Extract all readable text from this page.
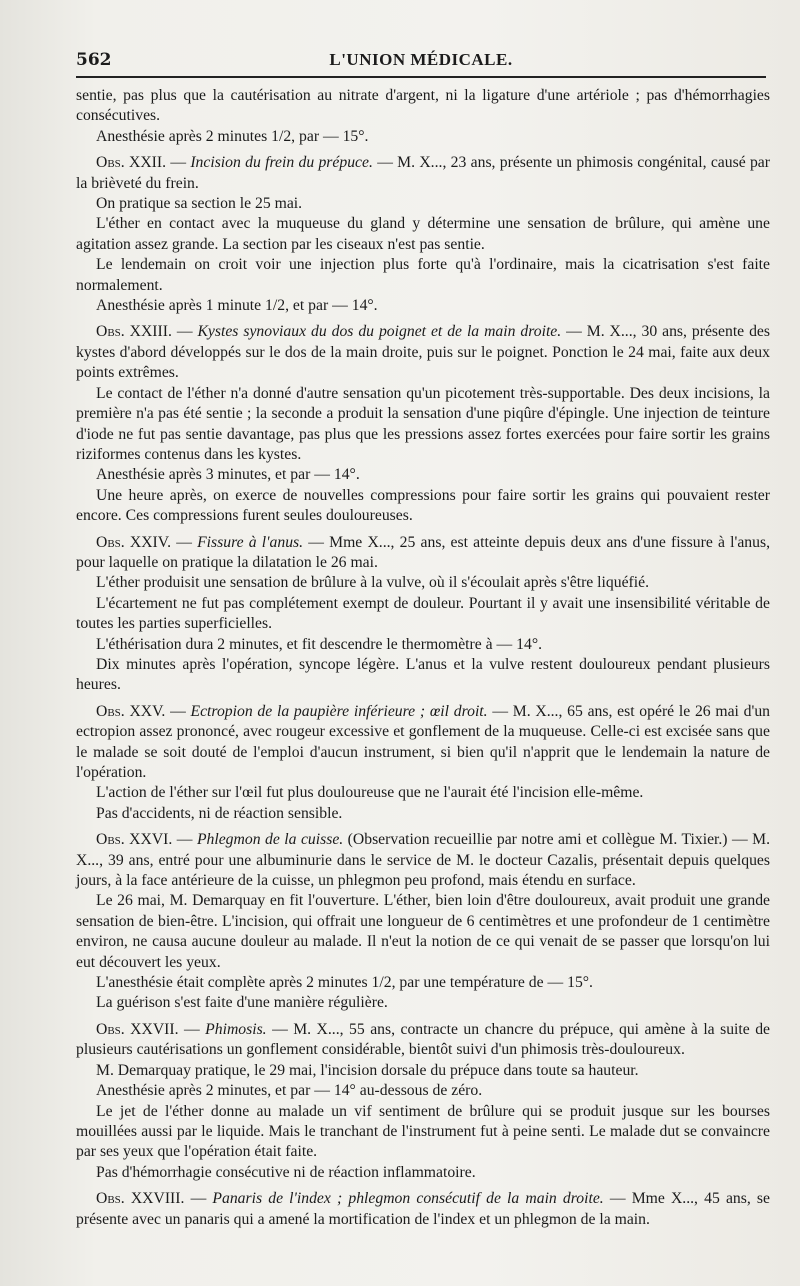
562	L'UNION MÉDICALE.

sentie, pas plus que la cautérisation au nitrate d'argent, ni la ligature d'une artériole ; pas d'hémorrhagies consécutives.

Anesthésie après 2 minutes 1/2, par — 15°.

Obs. XXII. — Incision du frein du prépuce. — M. X..., 23 ans, présente un phimosis congénital, causé par la brièveté du frein.

On pratique sa section le 25 mai.

L'éther en contact avec la muqueuse du gland y détermine une sensation de brûlure, qui amène une agitation assez grande. La section par les ciseaux n'est pas sentie.

Le lendemain on croit voir une injection plus forte qu'à l'ordinaire, mais la cicatrisation s'est faite normalement.

Anesthésie après 1 minute 1/2, et par — 14°.

Obs. XXIII. — Kystes synoviaux du dos du poignet et de la main droite. — M. X..., 30 ans, présente des kystes d'abord développés sur le dos de la main droite, puis sur le poignet. Ponction le 24 mai, faite aux deux points extrêmes.

Le contact de l'éther n'a donné d'autre sensation qu'un picotement très-supportable. Des deux incisions, la première n'a pas été sentie ; la seconde a produit la sensation d'une piqûre d'épingle. Une injection de teinture d'iode ne fut pas sentie davantage, pas plus que les pressions assez fortes exercées pour faire sortir les grains riziformes contenus dans les kystes.

Anesthésie après 3 minutes, et par — 14°.

Une heure après, on exerce de nouvelles compressions pour faire sortir les grains qui pouvaient rester encore. Ces compressions furent seules douloureuses.

Obs. XXIV. — Fissure à l'anus. — Mme X..., 25 ans, est atteinte depuis deux ans d'une fissure à l'anus, pour laquelle on pratique la dilatation le 26 mai.

L'éther produisit une sensation de brûlure à la vulve, où il s'écoulait après s'être liquéfié.

L'écartement ne fut pas complétement exempt de douleur. Pourtant il y avait une insensibilité véritable de toutes les parties superficielles.

L'éthérisation dura 2 minutes, et fit descendre le thermomètre à — 14°.

Dix minutes après l'opération, syncope légère. L'anus et la vulve restent douloureux pendant plusieurs heures.

Obs. XXV. — Ectropion de la paupière inférieure ; œil droit. — M. X..., 65 ans, est opéré le 26 mai d'un ectropion assez prononcé, avec rougeur excessive et gonflement de la muqueuse. Celle-ci est excisée sans que le malade se soit douté de l'emploi d'aucun instrument, si bien qu'il n'apprit que le lendemain la nature de l'opération.

L'action de l'éther sur l'œil fut plus douloureuse que ne l'aurait été l'incision elle-même.

Pas d'accidents, ni de réaction sensible.

Obs. XXVI. — Phlegmon de la cuisse. (Observation recueillie par notre ami et collègue M. Tixier.) — M. X..., 39 ans, entré pour une albuminurie dans le service de M. le docteur Cazalis, présentait depuis quelques jours, à la face antérieure de la cuisse, un phlegmon peu profond, mais étendu en surface.

Le 26 mai, M. Demarquay en fit l'ouverture. L'éther, bien loin d'être douloureux, avait produit une grande sensation de bien-être. L'incision, qui offrait une longueur de 6 centimètres et une profondeur de 1 centimètre environ, ne causa aucune douleur au malade. Il n'eut la notion de ce qui venait de se passer que lorsqu'on lui eut découvert les yeux.

L'anesthésie était complète après 2 minutes 1/2, par une température de — 15°.

La guérison s'est faite d'une manière régulière.

Obs. XXVII. — Phimosis. — M. X..., 55 ans, contracte un chancre du prépuce, qui amène à la suite de plusieurs cautérisations un gonflement considérable, bientôt suivi d'un phimosis très-douloureux.

M. Demarquay pratique, le 29 mai, l'incision dorsale du prépuce dans toute sa hauteur.

Anesthésie après 2 minutes, et par — 14° au-dessous de zéro.

Le jet de l'éther donne au malade un vif sentiment de brûlure qui se produit jusque sur les bourses mouillées aussi par le liquide. Mais le tranchant de l'instrument fut à peine senti. Le malade dut se convaincre par ses yeux que l'opération était faite.

Pas d'hémorrhagie consécutive ni de réaction inflammatoire.

Obs. XXVIII. — Panaris de l'index ; phlegmon consécutif de la main droite. — Mme X..., 45 ans, se présente avec un panaris qui a amené la mortification de l'index et un phlegmon de la main.
